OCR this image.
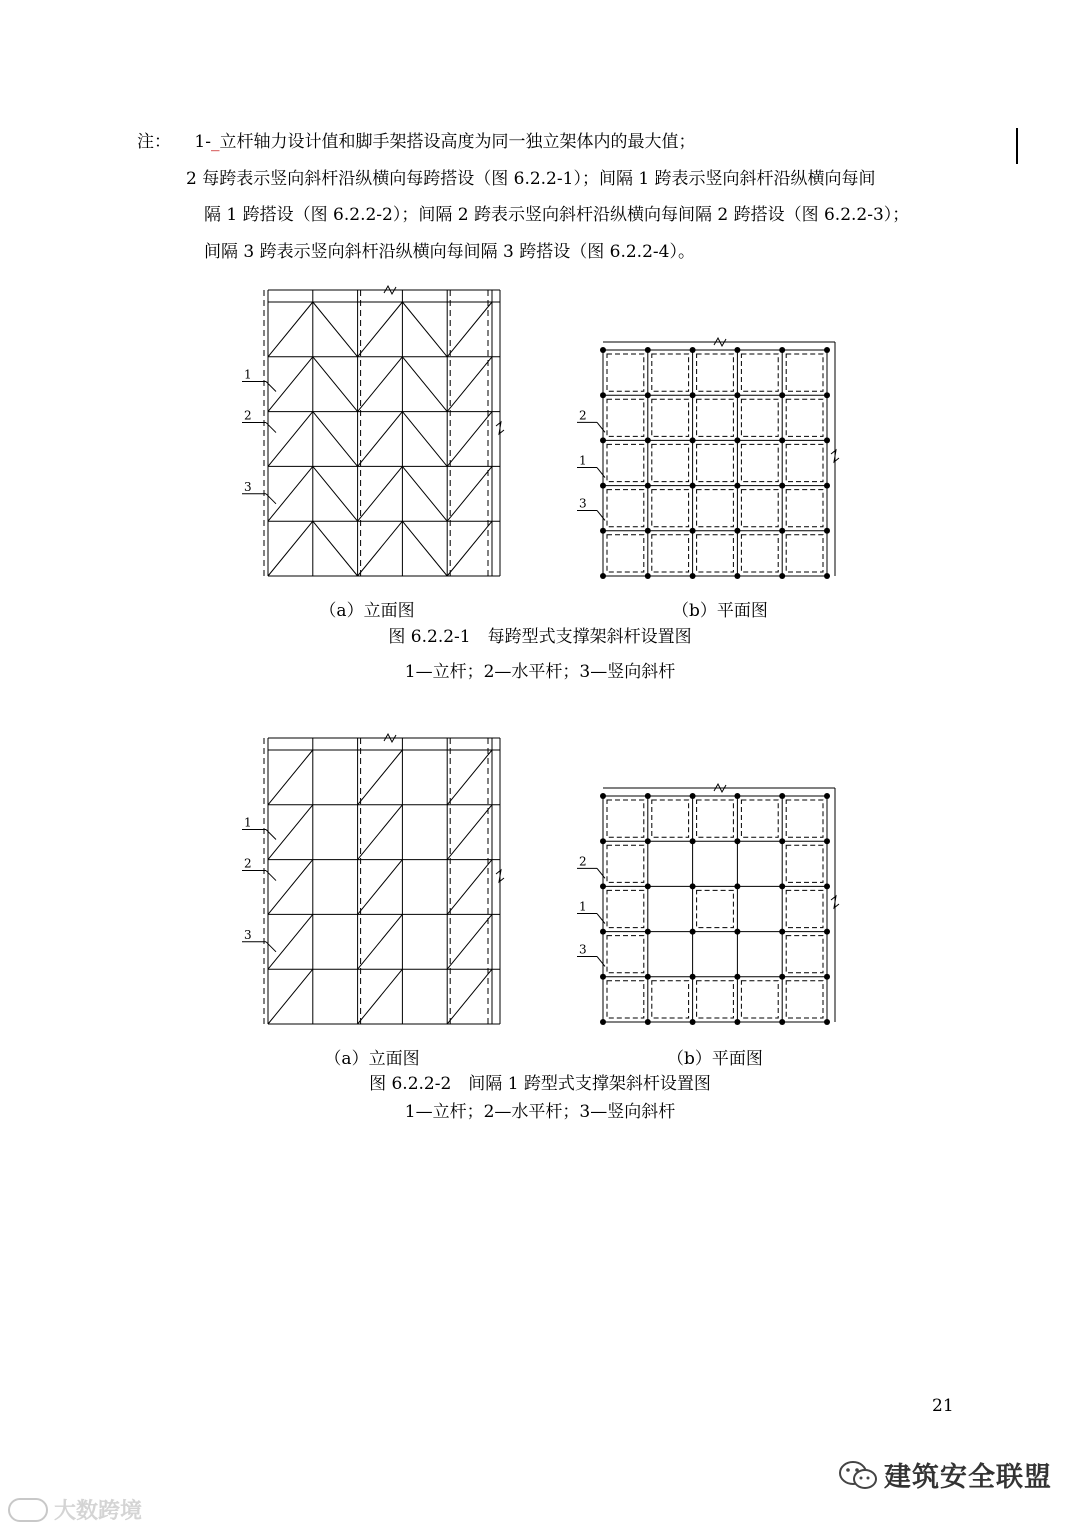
注： 1-_立杆轴力设计值和脚手架搭设高度为同一独立架体内的最大值；
2 每跨表示竖向斜杆沿纵横向每跨搭设（图 6.2.2-1）；间隔 1 跨表示竖向斜杆沿纵横向每间
隔 1 跨搭设（图 6.2.2-2）；间隔 2 跨表示竖向斜杆沿纵横向每间隔 2 跨搭设（图 6.2.2-3）；
间隔 3 跨表示竖向斜杆沿纵横向每间隔 3 跨搭设（图 6.2.2-4）。
1
2
3
2
1
3
（a）立面图	（b）平面图
图 6.2.2-1　每跨型式支撑架斜杆设置图
1—立杆；2—水平杆；3—竖向斜杆
1
2
3
2
1
3
（a）立面图	（b）平面图
图 6.2.2-2　间隔 1 跨型式支撑架斜杆设置图
1—立杆；2—水平杆；3—竖向斜杆
21
建筑安全联盟
大数跨境
